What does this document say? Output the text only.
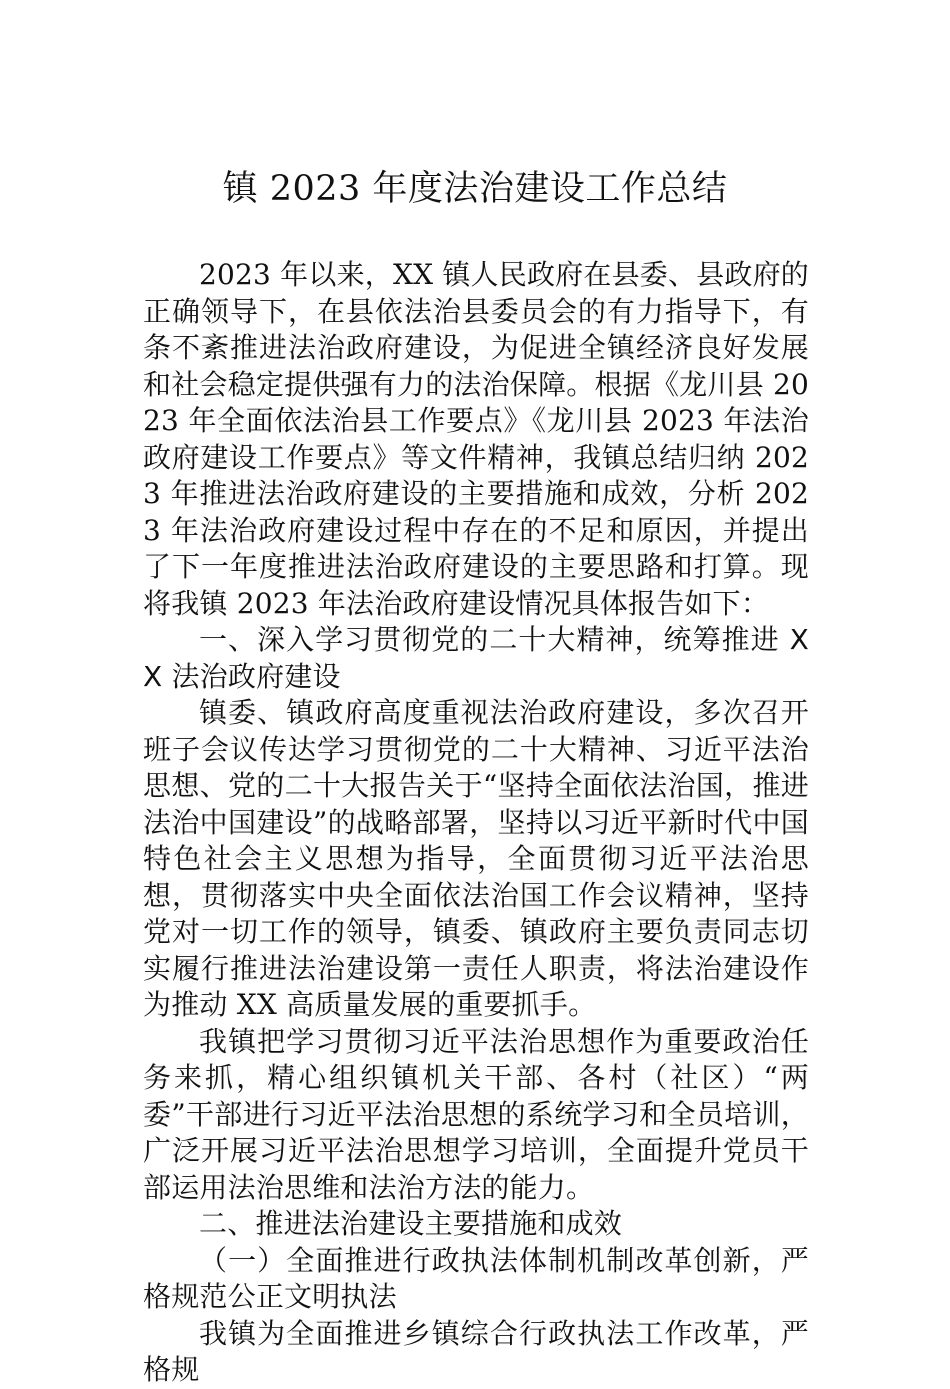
镇 2023 年度法治建设工作总结

2023 年以来，XX 镇人民政府在县委、县政府的正确领导下，在县依法治县委员会的有力指导下，有条不紊推进法治政府建设，为促进全镇经济良好发展和社会稳定提供强有力的法治保障。根据《龙川县 2023 年全面依法治县工作要点》《龙川县 2023 年法治政府建设工作要点》等文件精神，我镇总结归纳 2023 年推进法治政府建设的主要措施和成效，分析 2023 年法治政府建设过程中存在的不足和原因，并提出了下一年度推进法治政府建设的主要思路和打算。现将我镇 2023 年法治政府建设情况具体报告如下：

一、深入学习贯彻党的二十大精神，统筹推进 XX 法治政府建设

镇委、镇政府高度重视法治政府建设，多次召开班子会议传达学习贯彻党的二十大精神、习近平法治思想、党的二十大报告关于“坚持全面依法治国，推进法治中国建设”的战略部署，坚持以习近平新时代中国特色社会主义思想为指导，全面贯彻习近平法治思想，贯彻落实中央全面依法治国工作会议精神，坚持党对一切工作的领导，镇委、镇政府主要负责同志切实履行推进法治建设第一责任人职责，将法治建设作为推动 XX 高质量发展的重要抓手。

我镇把学习贯彻习近平法治思想作为重要政治任务来抓，精心组织镇机关干部、各村（社区）“两委”干部进行习近平法治思想的系统学习和全员培训，广泛开展习近平法治思想学习培训，全面提升党员干部运用法治思维和法治方法的能力。

二、推进法治建设主要措施和成效

（一）全面推进行政执法体制机制改革创新，严格规范公正文明执法

我镇为全面推进乡镇综合行政执法工作改革，严格规
